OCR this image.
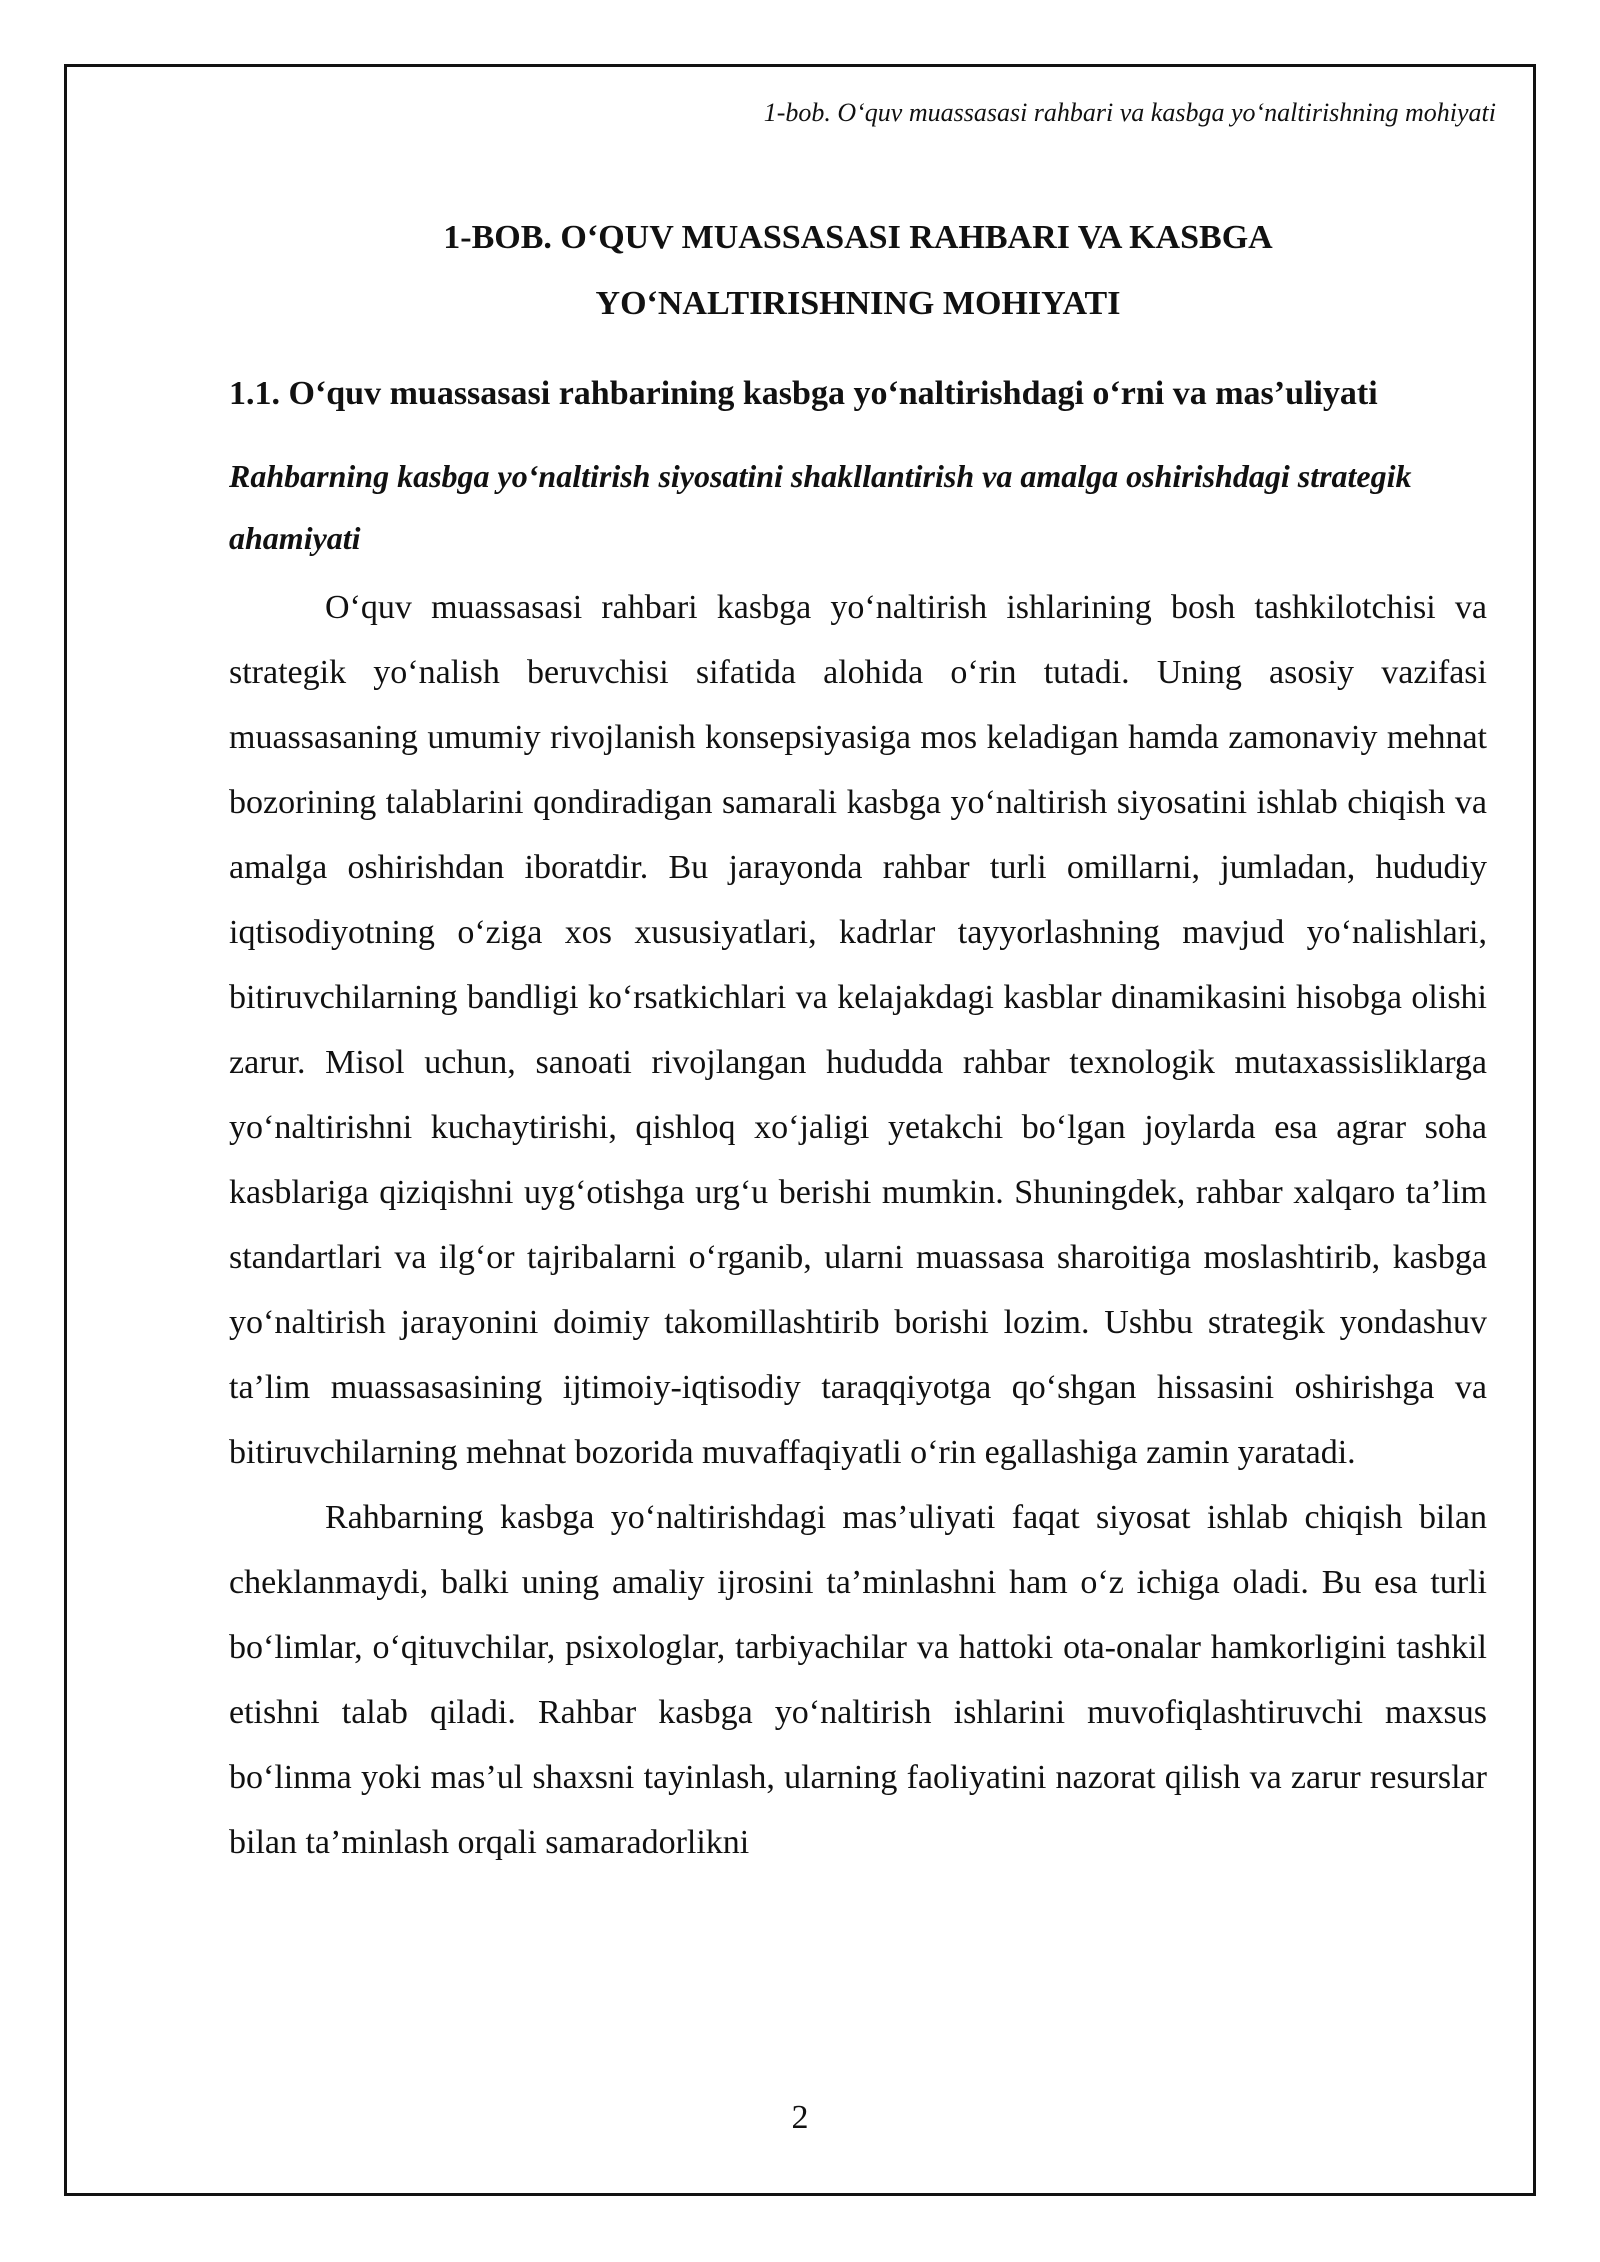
1-bob. O‘quv muassasasi rahbari va kasbga yo‘naltirishning mohiyati
1-BOB. O‘QUV MUASSASASI RAHBARI VA KASBGA
YO‘NALTIRISHNING MOHIYATI
1.1. O‘quv muassasasi rahbarining kasbga yo‘naltirishdagi o‘rni va mas’uliyati
Rahbarning kasbga yo‘naltirish siyosatini shakllantirish va amalga oshirishdagi strategik ahamiyati

O‘quv muassasasi rahbari kasbga yo‘naltirish ishlarining bosh tashkilotchisi va strategik yo‘nalish beruvchisi sifatida alohida o‘rin tutadi. Uning asosiy vazifasi muassasaning umumiy rivojlanish konsepsiyasiga mos keladigan hamda zamonaviy mehnat bozorining talablarini qondiradigan samarali kasbga yo‘naltirish siyosatini ishlab chiqish va amalga oshirishdan iboratdir. Bu jarayonda rahbar turli omillarni, jumladan, hududiy iqtisodiyotning o‘ziga xos xususiyatlari, kadrlar tayyorlashning mavjud yo‘nalishlari, bitiruvchilarning bandligi ko‘rsatkichlari va kelajakdagi kasblar dinamikasini hisobga olishi zarur. Misol uchun, sanoati rivojlangan hududda rahbar texnologik mutaxassisliklarga yo‘naltirishni kuchaytirishi, qishloq xo‘jaligi yetakchi bo‘lgan joylarda esa agrar soha kasblariga qiziqishni uyg‘otishga urg‘u berishi mumkin. Shuningdek, rahbar xalqaro ta’lim standartlari va ilg‘or tajribalarni o‘rganib, ularni muassasa sharoitiga moslashtirib, kasbga yo‘naltirish jarayonini doimiy takomillashtirib borishi lozim. Ushbu strategik yondashuv ta’lim muassasasining ijtimoiy-iqtisodiy taraqqiyotga qo‘shgan hissasini oshirishga va bitiruvchilarning mehnat bozorida muvaffaqiyatli o‘rin egallashiga zamin yaratadi.

Rahbarning kasbga yo‘naltirishdagi mas’uliyati faqat siyosat ishlab chiqish bilan cheklanmaydi, balki uning amaliy ijrosini ta’minlashni ham o‘z ichiga oladi. Bu esa turli bo‘limlar, o‘qituvchilar, psixologlar, tarbiyachilar va hattoki ota-onalar hamkorligini tashkil etishni talab qiladi. Rahbar kasbga yo‘naltirish ishlarini muvofiqlashtiruvchi maxsus bo‘linma yoki mas’ul shaxsni tayinlash, ularning faoliyatini nazorat qilish va zarur resurslar bilan ta’minlash orqali samaradorlikni

2
